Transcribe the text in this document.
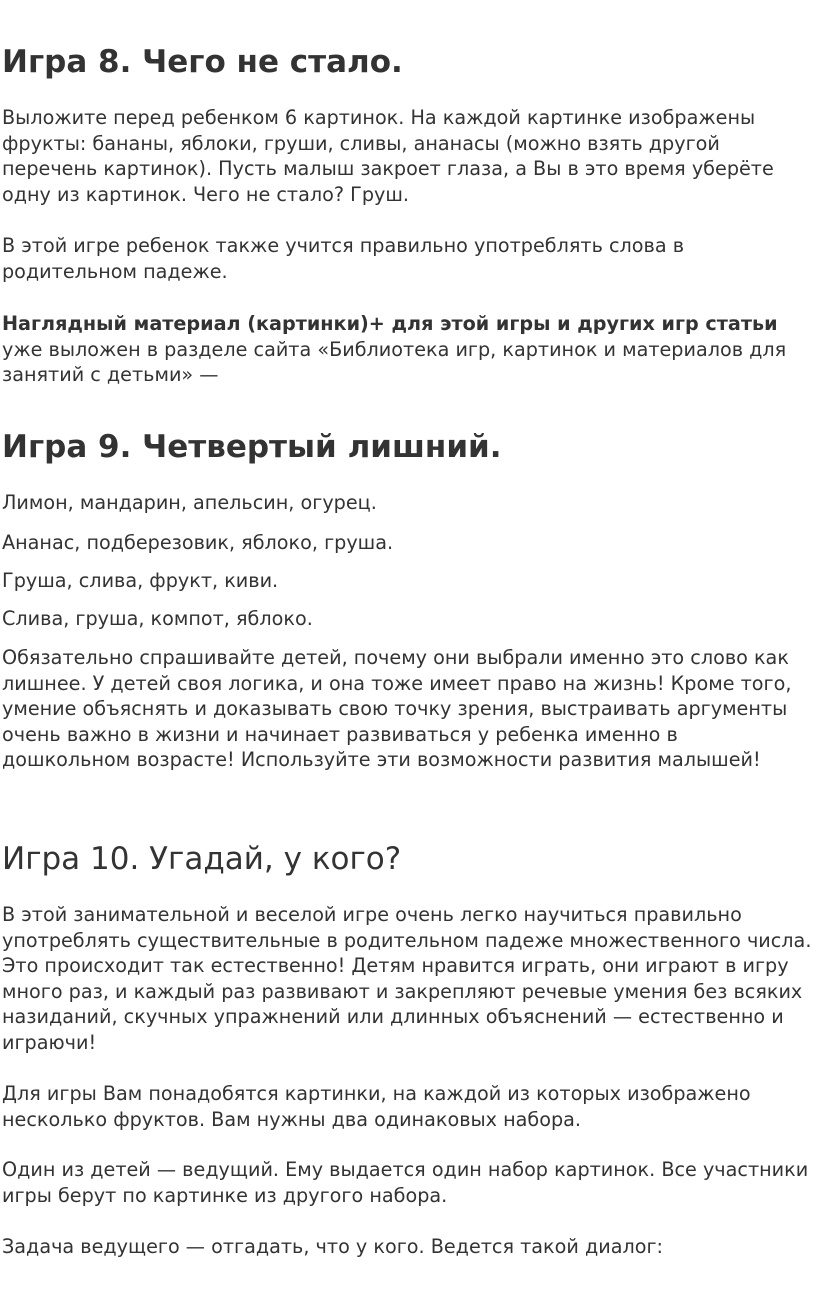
Игра 8. Чего не стало.

Выложите перед ребенком 6 картинок. На каждой картинке изображены фрукты: бананы, яблоки, груши, сливы, ананасы (можно взять другой перечень картинок). Пусть малыш закроет глаза, а Вы в это время уберёте одну из картинок. Чего не стало? Груш.

В этой игре ребенок также учится правильно употреблять слова в родительном падеже.

Наглядный материал (картинки)+ для этой игры и других игр статьи уже выложен в разделе сайта «Библиотека игр, картинок и материалов для занятий с детьми» —

Игра 9. Четвертый лишний.

Лимон, мандарин, апельсин, огурец.

Ананас, подберезовик, яблоко, груша.

Груша, слива, фрукт, киви.

Слива, груша, компот, яблоко.

Обязательно спрашивайте детей, почему они выбрали именно это слово как лишнее. У детей своя логика, и она тоже имеет право на жизнь! Кроме того, умение объяснять и доказывать свою точку зрения, выстраивать аргументы очень важно в жизни и начинает развиваться у ребенка именно в дошкольном возрасте! Используйте эти возможности развития малышей!

Игра 10. Угадай, у кого?

В этой занимательной и веселой игре очень легко научиться правильно употреблять существительные в родительном падеже множественного числа. Это происходит так естественно! Детям нравится играть, они играют в игру много раз, и каждый раз развивают и закрепляют речевые умения без всяких назиданий, скучных упражнений или длинных объяснений — естественно и играючи!

Для игры Вам понадобятся картинки, на каждой из которых изображено несколько фруктов. Вам нужны два одинаковых набора.

Один из детей — ведущий. Ему выдается один набор картинок. Все участники игры берут по картинке из другого набора.

Задача ведущего — отгадать, что у кого. Ведется такой диалог:
